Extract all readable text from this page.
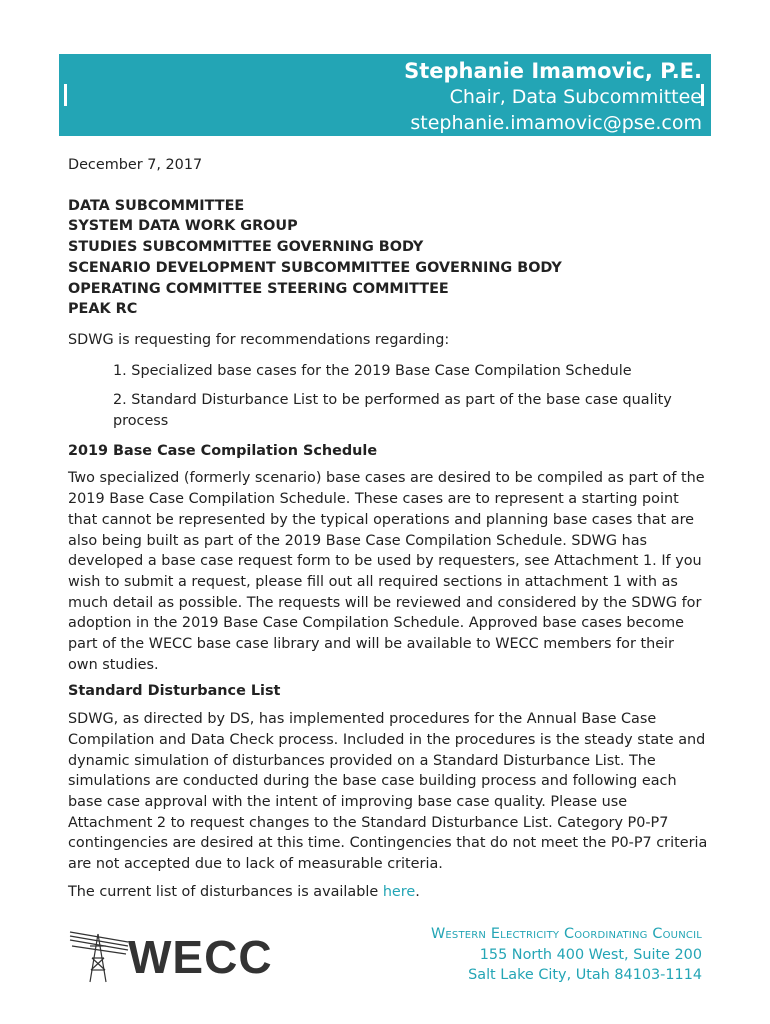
Stephanie Imamovic, P.E.
Chair, Data Subcommittee
stephanie.imamovic@pse.com
December 7, 2017
DATA SUBCOMMITTEE
SYSTEM DATA WORK GROUP
STUDIES SUBCOMMITTEE GOVERNING BODY
SCENARIO DEVELOPMENT SUBCOMMITTEE GOVERNING BODY
OPERATING COMMITTEE STEERING COMMITTEE
PEAK RC
SDWG is requesting for recommendations regarding:
1. Specialized base cases for the 2019 Base Case Compilation Schedule
2. Standard Disturbance List to be performed as part of the base case quality process
2019 Base Case Compilation Schedule
Two specialized (formerly scenario) base cases are desired to be compiled as part of the 2019 Base Case Compilation Schedule. These cases are to represent a starting point that cannot be represented by the typical operations and planning base cases that are also being built as part of the 2019 Base Case Compilation Schedule. SDWG has developed a base case request form to be used by requesters, see Attachment 1. If you wish to submit a request, please fill out all required sections in attachment 1 with as much detail as possible. The requests will be reviewed and considered by the SDWG for adoption in the 2019 Base Case Compilation Schedule. Approved base cases become part of the WECC base case library and will be available to WECC members for their own studies.
Standard Disturbance List
SDWG, as directed by DS, has implemented procedures for the Annual Base Case Compilation and Data Check process. Included in the procedures is the steady state and dynamic simulation of disturbances provided on a Standard Disturbance List. The simulations are conducted during the base case building process and following each base case approval with the intent of improving base case quality. Please use Attachment 2 to request changes to the Standard Disturbance List. Category P0-P7 contingencies are desired at this time. Contingencies that do not meet the P0-P7 criteria are not accepted due to lack of measurable criteria.
The current list of disturbances is available here.
WECC	Western Electricity Coordinating Council
155 North 400 West, Suite 200
Salt Lake City, Utah 84103-1114
